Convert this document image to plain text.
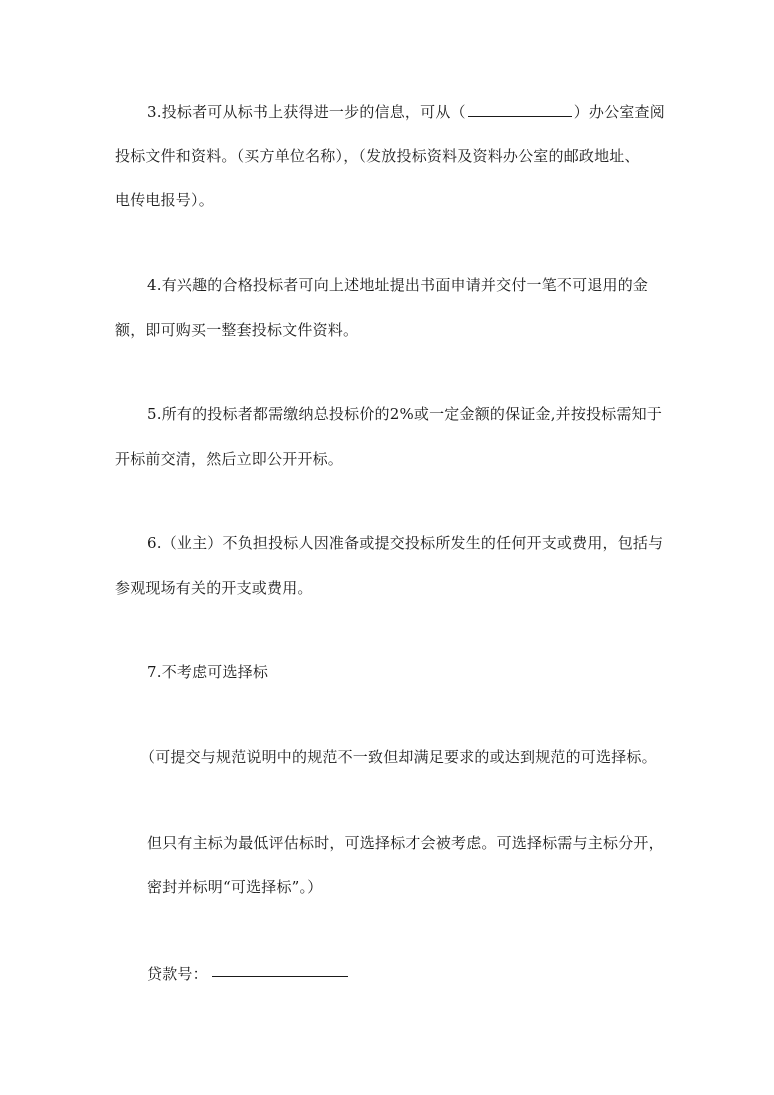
3.投标者可从标书上获得进一步的信息，可从（	）办公室查阅
投标文件和资料。（买方单位名称），（发放投标资料及资料办公室的邮政地址、
电传电报号）。
4.有兴趣的合格投标者可向上述地址提出书面申请并交付一笔不可退用的金
额，即可购买一整套投标文件资料。
5.所有的投标者都需缴纳总投标价的2%或一定金额的保证金,并按投标需知于
开标前交清，然后立即公开开标。
6.（业主）不负担投标人因准备或提交投标所发生的任何开支或费用，包括与
参观现场有关的开支或费用。
7.不考虑可选择标
（可提交与规范说明中的规范不一致但却满足要求的或达到规范的可选择标。
但只有主标为最低评估标时，可选择标才会被考虑。可选择标需与主标分开，
密封并标明“可选择标”。）
贷款号：
